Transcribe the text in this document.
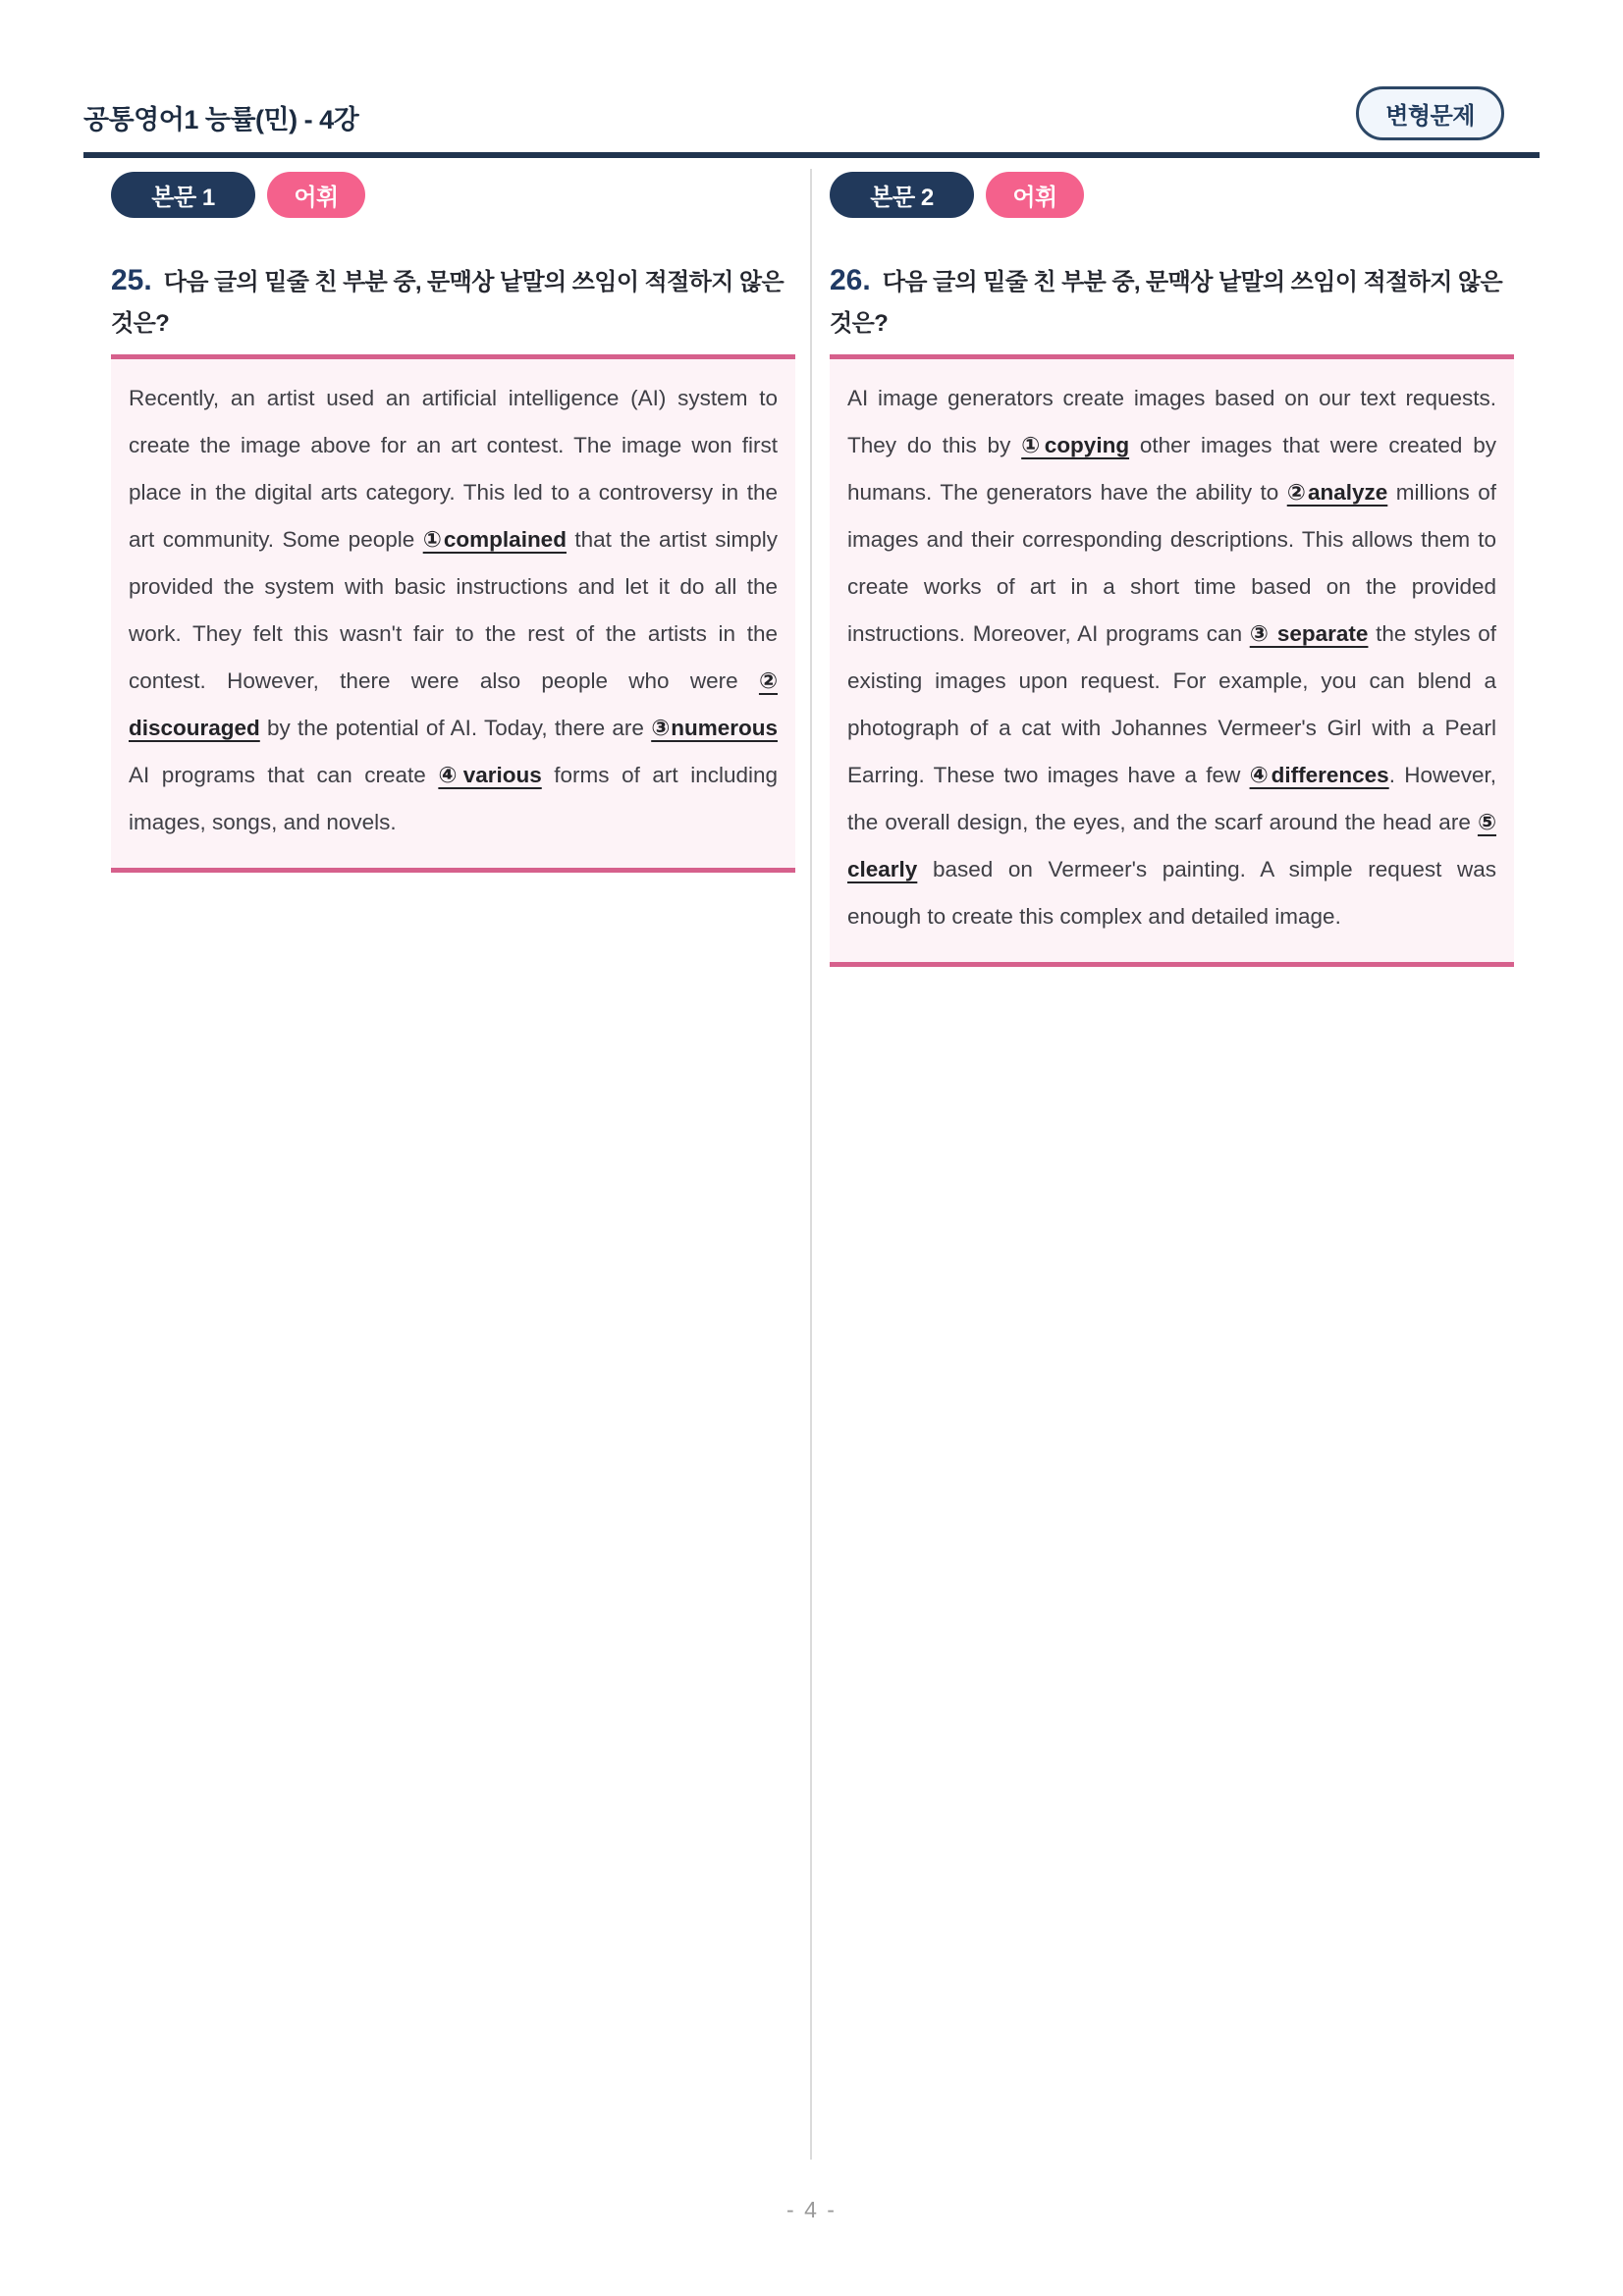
공통영어1 능률(민) - 4강	변형문제
본문 1	어휘
25. 다음 글의 밑줄 친 부분 중, 문맥상 낱말의 쓰임이 적절하지 않은 것은?

Recently, an artist used an artificial intelligence (AI) system to create the image above for an art contest. The image won first place in the digital arts category. This led to a controversy in the art community. Some people ①complained that the artist simply provided the system with basic instructions and let it do all the work. They felt this wasn't fair to the rest of the artists in the contest. However, there were also people who were ② discouraged by the potential of AI. Today, there are ③numerous AI programs that can create ④various forms of art including images, songs, and novels.

본문 2	어휘
26. 다음 글의 밑줄 친 부분 중, 문맥상 낱말의 쓰임이 적절하지 않은 것은?

AI image generators create images based on our text requests. They do this by ①copying other images that were created by humans. The generators have the ability to ②analyze millions of images and their corresponding descriptions. This allows them to create works of art in a short time based on the provided instructions. Moreover, AI programs can ③ separate the styles of existing images upon request. For example, you can blend a photograph of a cat with Johannes Vermeer's Girl with a Pearl Earring. These two images have a few ④differences. However, the overall design, the eyes, and the scarf around the head are ⑤ clearly based on Vermeer's painting. A simple request was enough to create this complex and detailed image.

- 4 -
